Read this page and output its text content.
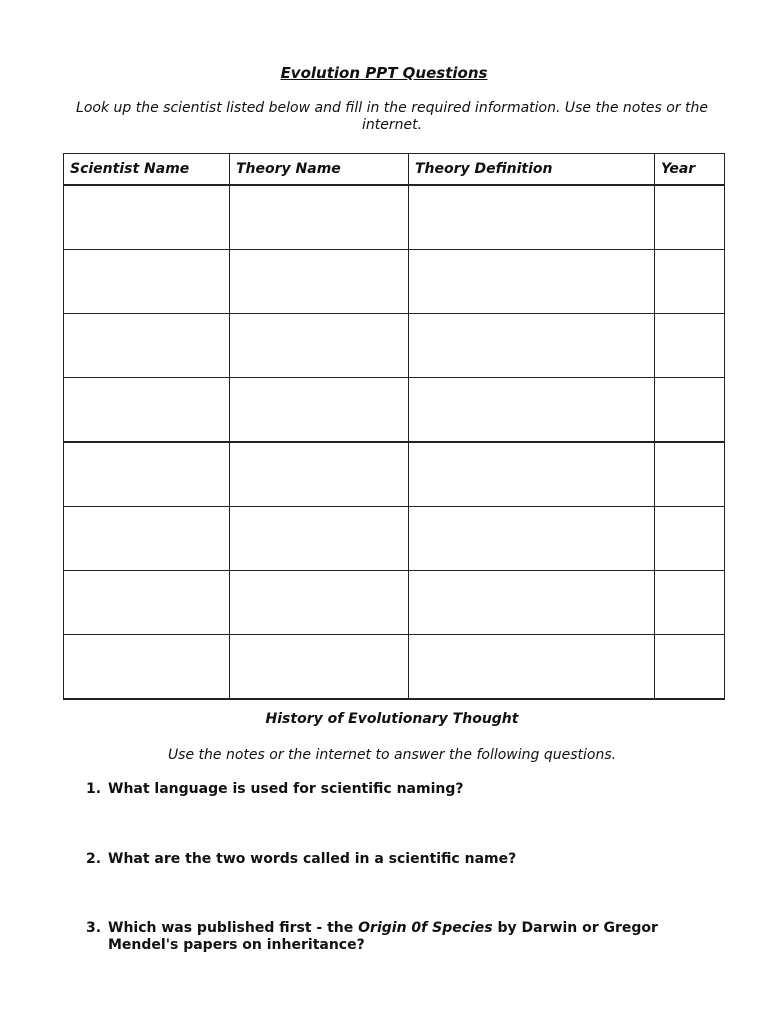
Evolution PPT Questions

Look up the scientist listed below and fill in the required information. Use the notes or the internet.

Scientist Name	Theory Name	Theory Definition	Year

History of Evolutionary Thought

Use the notes or the internet to answer the following questions.

1. What language is used for scientific naming?
2. What are the two words called in a scientific name?
3. Which was published first - the Origin 0f Species by Darwin or Gregor Mendel's papers on inheritance?
